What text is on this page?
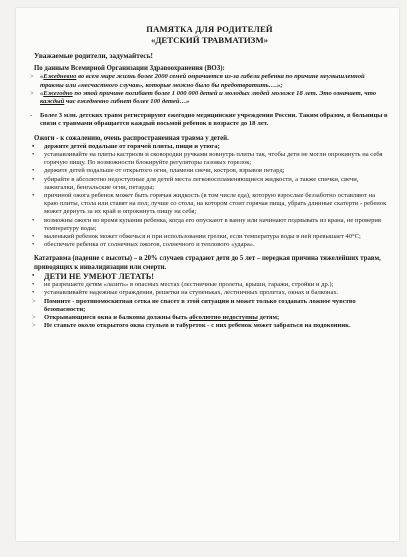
ПАМЯТКА ДЛЯ РОДИТЕЛЕЙ
«ДЕТСКИЙ ТРАВМАТИЗМ»
Уважаемые родители, задумайтесь!
По данным Всемирной Организации Здравоохранения (ВОЗ):
> «Ежедневно во всем мире жизнь более 2000 семей омрачается из-за гибели ребенка по причине неумышленной травмы или «несчастного случая», которые можно было бы предотвратить….»;
> «Ежегодно по этой причине погибает более 1 000 000 детей и молодых людей моложе 18 лет. Это означает, что каждый час ежедневно гибнет более 100 детей…»
- Более 3 млн. детских травм регистрируют ежегодно медицинские учреждения России. Таким образом, в больницы в связи с травмами обращается каждый восьмой ребенок в возрасте до 18 лет.
Ожоги - к сожалению, очень распространенная травма у детей.
• держите детей подальше от горячей плиты, пищи и утюга;
• устанавливайте на плиты кастрюли и сковородки ручками вовнутрь плиты так, чтобы дети не могли опрокинуть на себя горячую пищу. По возможности блокируйте регуляторы газовых горелок;
• держите детей подальше от открытого огня, пламени свечи, костров, взрывов петард;
• убирайте в абсолютно недоступные для детей места легковоспламеняющиеся жидкости, а также спички, свечи, зажигалки, бенгальские огни, петарды;
• причиной ожога ребенок может быть горячая жидкость (в том числе еда), которую взрослые беззаботно оставляют на краю плиты, стола или ставят на пол; лучше со стола, на котором стоит горячая пища, убрать длинные скатерти - ребенок может дернуть за их край и опрокинуть пищу на себя;
• возможны ожоги во время купания ребенка, когда его опускают в ванну или начинают подмывать из крана, не проверив температуру воды;
• маленький ребенок может обжечься и при использовании грелки, если температура воды в ней превышает 40°С;
• обеспечьте ребенка от солнечных ожогов, солнечного и теплового «удара».
Кататравма (падение с высоты) – в 20% случаев страдают дети до 5 лет – передкая причина тяжелейших травм, приводящих к инвалидизации или смерти.
• ДЕТИ НЕ УМЕЮТ ЛЕТАТЬ!
• не разрешаете детям «лазить» в опасных местах (лестничные пролеты, крыши, гаражи, стройки и др.);
• устанавливайте надежные ограждения, решетки на ступеньках, лестничных пролетах, окнах и балконах.
> Помните - противомоскитная сетка не спасет в этой ситуации и может только создавать ложное чувство безопасности;
> Открывающиеся окна и балконы должны быть абсолютно недоступны детям;
> Не ставьте около открытого окна стульев и табуреток - с них ребенок может забраться на подоконник.
